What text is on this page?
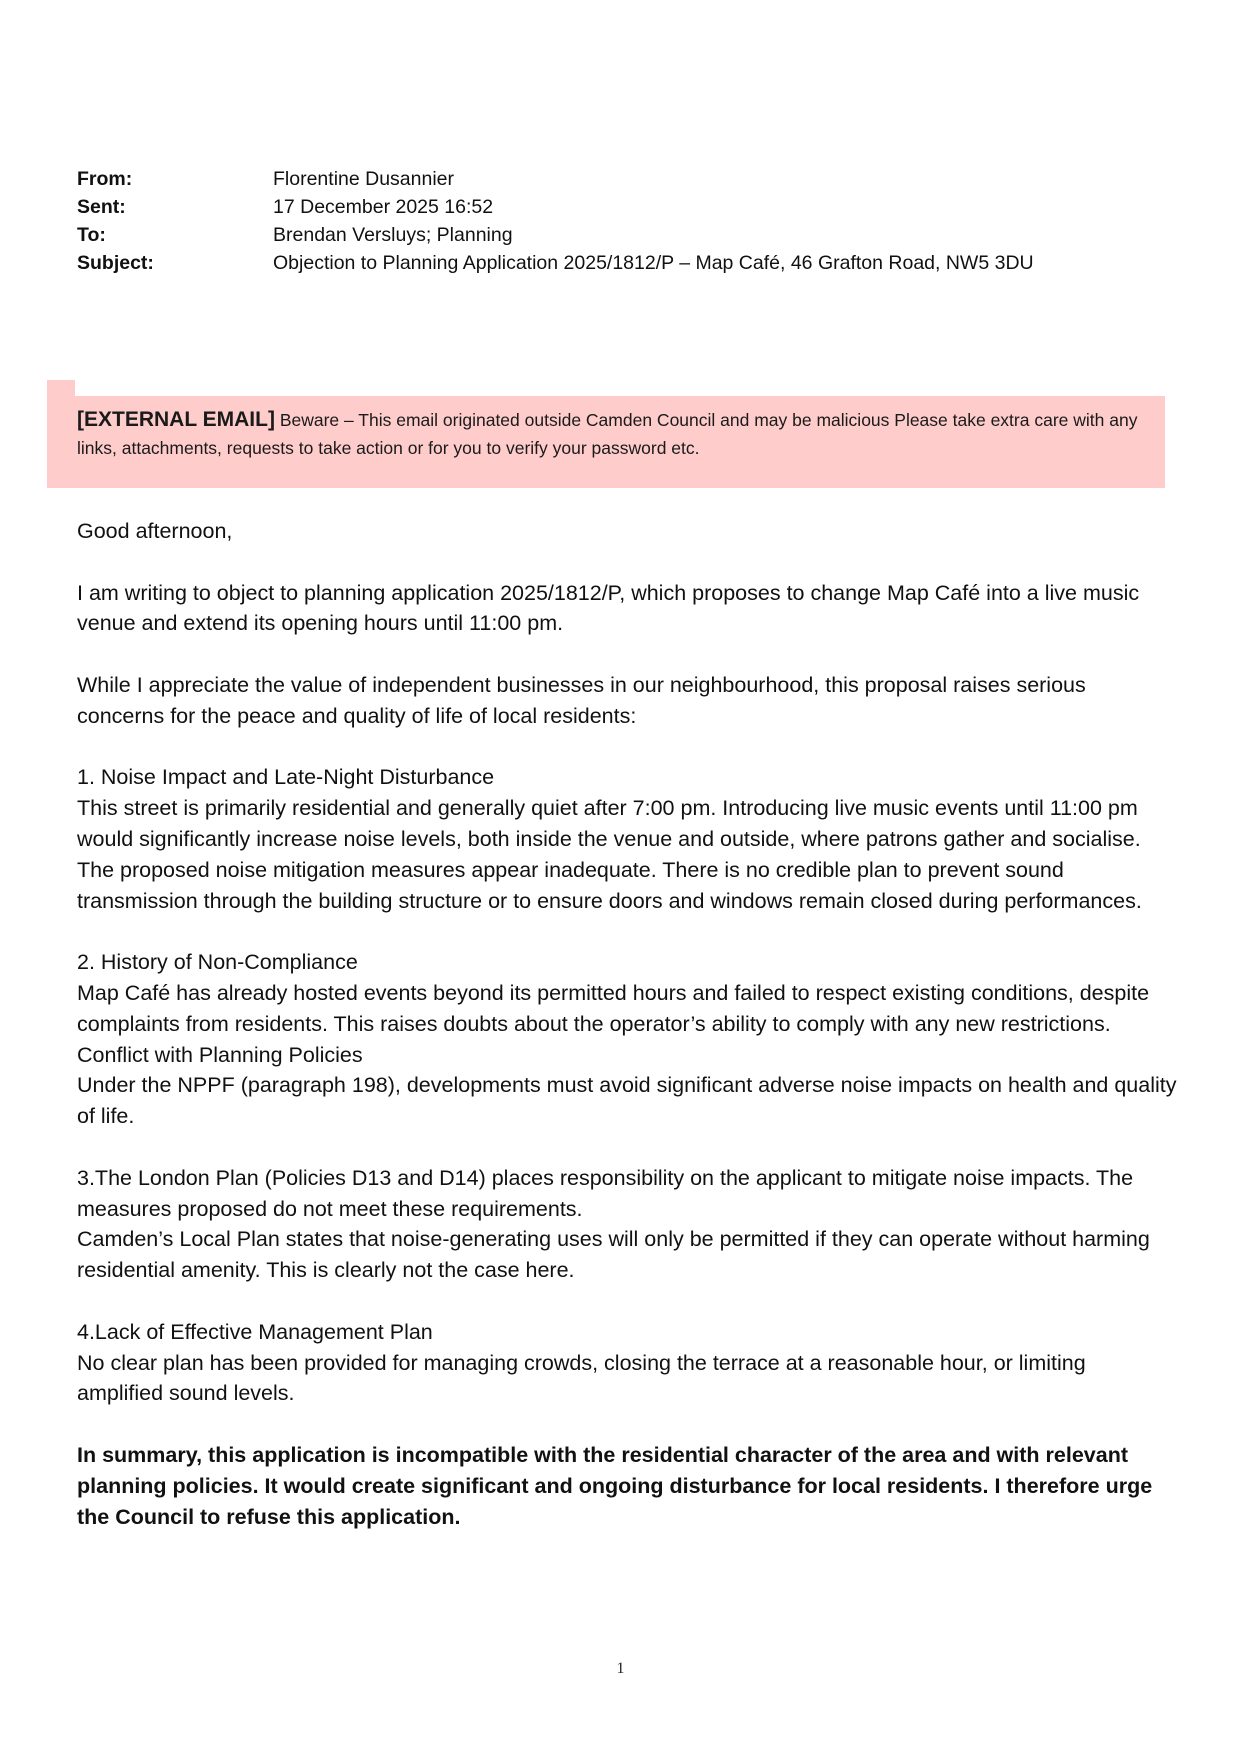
From:	Florentine Dusannier
Sent:	17 December 2025 16:52
To:	Brendan Versluys; Planning
Subject:	Objection to Planning Application 2025/1812/P – Map Café, 46 Grafton Road, NW5 3DU
[EXTERNAL EMAIL] Beware – This email originated outside Camden Council and may be malicious Please take extra care with any links, attachments, requests to take action or for you to verify your password etc.

Good afternoon,

I am writing to object to planning application 2025/1812/P, which proposes to change Map Café into a live music venue and extend its opening hours until 11:00 pm.

While I appreciate the value of independent businesses in our neighbourhood, this proposal raises serious concerns for the peace and quality of life of local residents:

1. Noise Impact and Late-Night Disturbance
This street is primarily residential and generally quiet after 7:00 pm. Introducing live music events until 11:00 pm would significantly increase noise levels, both inside the venue and outside, where patrons gather and socialise.
The proposed noise mitigation measures appear inadequate. There is no credible plan to prevent sound transmission through the building structure or to ensure doors and windows remain closed during performances.

2. History of Non-Compliance
Map Café has already hosted events beyond its permitted hours and failed to respect existing conditions, despite complaints from residents. This raises doubts about the operator’s ability to comply with any new restrictions.
Conflict with Planning Policies
Under the NPPF (paragraph 198), developments must avoid significant adverse noise impacts on health and quality of life.

3.The London Plan (Policies D13 and D14) places responsibility on the applicant to mitigate noise impacts. The measures proposed do not meet these requirements.
Camden’s Local Plan states that noise-generating uses will only be permitted if they can operate without harming residential amenity. This is clearly not the case here.

4.Lack of Effective Management Plan
No clear plan has been provided for managing crowds, closing the terrace at a reasonable hour, or limiting amplified sound levels.

In summary, this application is incompatible with the residential character of the area and with relevant planning policies. It would create significant and ongoing disturbance for local residents. I therefore urge the Council to refuse this application.

1
